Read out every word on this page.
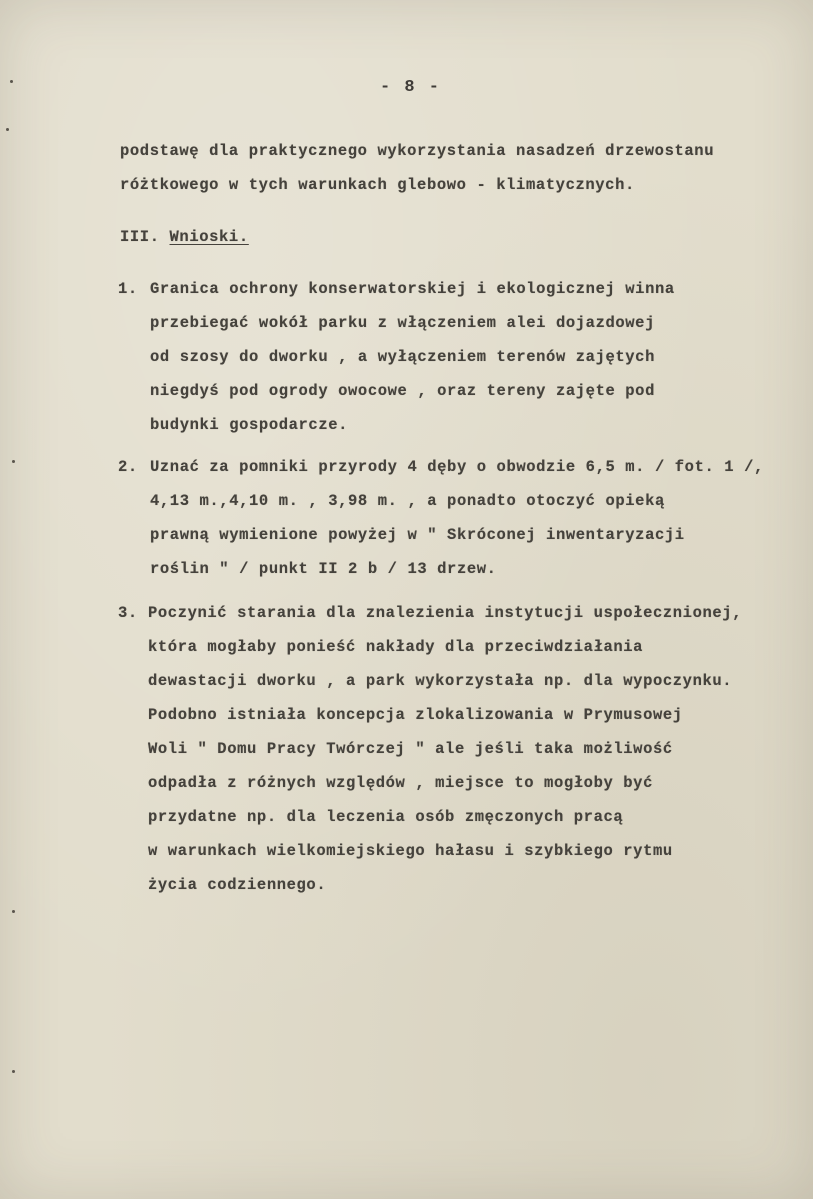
- 8 -
podstawę dla praktycznego wykorzystania nasadzeń drzewostanu
różtkowego w tych warunkach glebowo - klimatycznych.
III. Wnioski.
1. Granica ochrony konserwatorskiej i ekologicznej winna
przebiegać wokół parku z włączeniem alei dojazdowej
od szosy do dworku , a wyłączeniem terenów zajętych
niegdyś pod ogrody owocowe , oraz tereny zajęte pod
budynki gospodarcze.
2. Uznać za pomniki przyrody 4 dęby o obwodzie 6,5 m. / fot. 1 /,
4,13 m.,4,10 m. , 3,98 m. , a ponadto otoczyć opieką
prawną wymienione powyżej w " Skróconej inwentaryzacji
roślin " / punkt II 2 b / 13 drzew.
3. Poczynić starania dla znalezienia instytucji uspołecznionej,
która mogłaby ponieść nakłady dla przeciwdziałania
dewastacji dworku , a park wykorzystała np. dla wypoczynku.
Podobno istniała koncepcja zlokalizowania w Prymusowej
Woli " Domu Pracy Twórczej " ale jeśli taka możliwość
odpadła z różnych względów , miejsce to mogłoby być
przydatne np. dla leczenia osób zmęczonych pracą
w warunkach wielkomiejskiego hałasu i szybkiego rytmu
życia codziennego.
